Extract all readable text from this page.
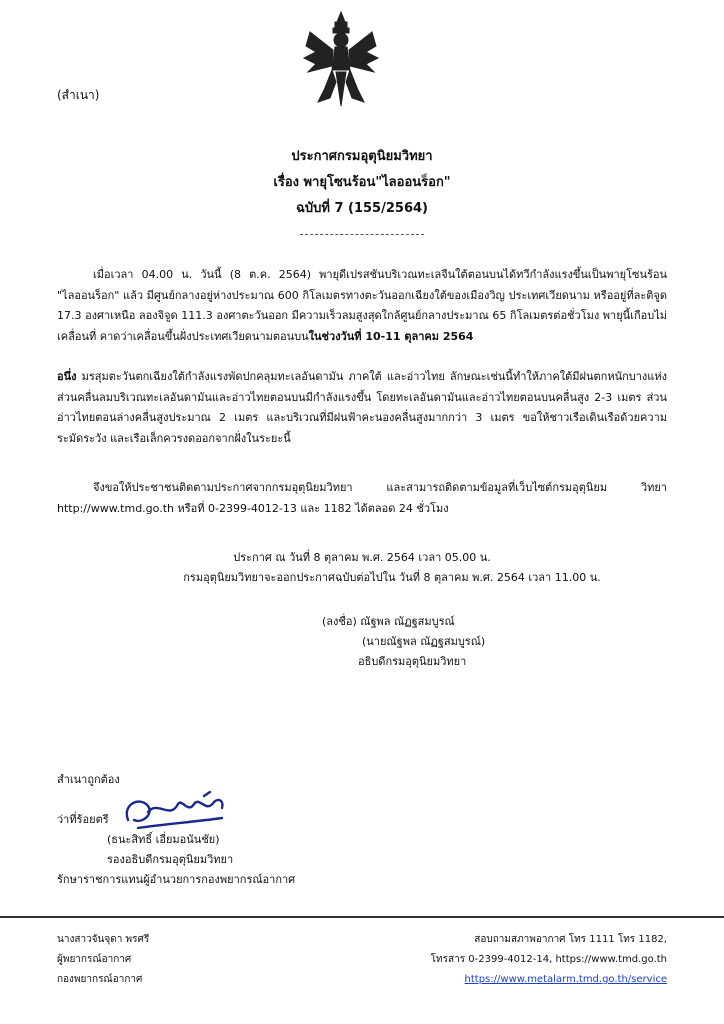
(สำเนา)
ประกาศกรมอุตุนิยมวิทยา
เรื่อง พายุโซนร้อน"ไลออนร็อก"
ฉบับที่ 7 (155/2564)
เมื่อเวลา 04.00 น. วันนี้ (8 ต.ค. 2564) พายุดีเปรสชันบริเวณทะเลจีนใต้ตอนบนได้ทวีกำลังแรงขึ้นเป็นพายุโซนร้อน "ไลออนร็อก" แล้ว มีศูนย์กลางอยู่ห่างประมาณ 600 กิโลเมตรทางตะวันออกเฉียงใต้ของเมืองวิญ ประเทศเวียดนาม หรืออยู่ที่ละติจูด 17.3 องศาเหนือ ลองจิจูด 111.3 องศาตะวันออก มีความเร็วลมสูงสุดใกล้ศูนย์กลางประมาณ 65 กิโลเมตรต่อชั่วโมง พายุนี้เกือบไม่เคลื่อนที่ คาดว่าเคลื่อนขึ้นฝั่งประเทศเวียดนามตอนบนในช่วงวันที่ 10-11 ตุลาคม 2564
อนึ่ง มรสุมตะวันตกเฉียงใต้กำลังแรงพัดปกคลุมทะเลอันดามัน ภาคใต้ และอ่าวไทย ลักษณะเช่นนี้ทำให้ภาคใต้มีฝนตกหนักบางแห่ง ส่วนคลื่นลมบริเวณทะเลอันดามันและอ่าวไทยตอนบนมีกำลังแรงขึ้น โดยทะเลอันดามันและอ่าวไทยตอนบนคลื่นสูง 2-3 เมตร ส่วนอ่าวไทยตอนล่างคลื่นสูงประมาณ 2 เมตร และบริเวณที่มีฝนฟ้าคะนองคลื่นสูงมากกว่า 3 เมตร ขอให้ชาวเรือเดินเรือด้วยความระมัดระวัง และเรือเล็กควรงดออกจากฝั่งในระยะนี้
จึงขอให้ประชาชนติดตามประกาศจากกรมอุตุนิยมวิทยา และสามารถติดตามข้อมูลที่เว็บไซต์กรมอุตุนิยม วิทยา http://www.tmd.go.th หรือที่ 0-2399-4012-13 และ 1182 ได้ตลอด 24 ชั่วโมง
ประกาศ ณ วันที่ 8 ตุลาคม พ.ศ. 2564 เวลา 05.00 น.
กรมอุตุนิยมวิทยาจะออกประกาศฉบับต่อไปใน วันที่ 8 ตุลาคม พ.ศ. 2564 เวลา 11.00 น.
(ลงชื่อ) ณัฐพล ณัฏฐสมบูรณ์
(นายณัฐพล ณัฏฐสมบูรณ์)
อธิบดีกรมอุตุนิยมวิทยา
สำเนาถูกต้อง
ว่าที่ร้อยตรี
(ธนะสิทธิ์ เอี่ยมอนันชัย)
รองอธิบดีกรมอุตุนิยมวิทยา
รักษาราชการแทนผู้อำนวยการกองพยากรณ์อากาศ
นางสาวจันจุดา พรศรี
ผู้พยากรณ์อากาศ
กองพยากรณ์อากาศ
สอบถามสภาพอากาศ โทร 1111 โทร 1182,
โทรสาร 0-2399-4012-14, https://www.tmd.go.th
https://www.metalarm.tmd.go.th/service
